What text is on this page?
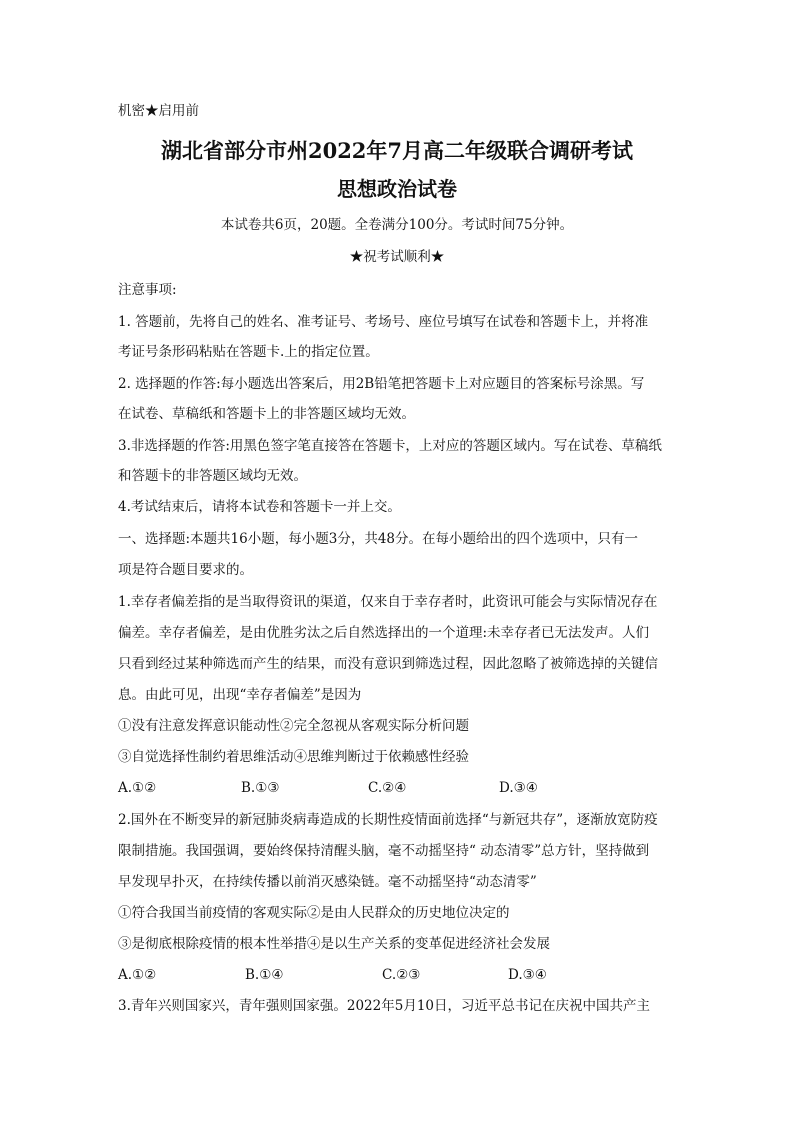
机密★启用前
湖北省部分市州2022年7月高二年级联合调研考试
思想政治试卷
本试卷共6页，20题。全卷满分100分。考试时间75分钟。
★祝考试顺利★
注意事项:
1. 答题前，先将自己的姓名、准考证号、考场号、座位号填写在试卷和答题卡上，并将准
考证号条形码粘贴在答题卡.上的指定位置。
2. 选择题的作答:每小题选出答案后，用2B铅笔把答题卡上对应题目的答案标号涂黑。写
在试卷、草稿纸和答题卡上的非答题区域均无效。
3.非选择题的作答:用黑色签字笔直接答在答题卡，上对应的答题区域内。写在试卷、草稿纸
和答题卡的非答题区域均无效。
4.考试结束后，请将本试卷和答题卡一并上交。
一、选择题:本题共16小题，每小题3分，共48分。在每小题给出的四个选项中，只有一
项是符合题目要求的。
1.幸存者偏差指的是当取得资讯的渠道，仅来自于幸存者时，此资讯可能会与实际情况存在
偏差。幸存者偏差，是由优胜劣汰之后自然选择出的一个道理:未幸存者已无法发声。人们
只看到经过某种筛选而产生的结果，而没有意识到筛选过程，因此忽略了被筛选掉的关键信
息。由此可见，出现“幸存者偏差”是因为
①没有注意发挥意识能动性②完全忽视从客观实际分析问题
③自觉选择性制约着思维活动④思维判断过于依赖感性经验
A.①②	B.①③	C.②④	D.③④
2.国外在不断变异的新冠肺炎病毒造成的长期性疫情面前选择“与新冠共存”，逐渐放宽防疫
限制措施。我国强调，要始终保持清醒头脑，毫不动摇坚持“ 动态清零”总方针，坚持做到
早发现早扑灭，在持续传播以前消灭感染链。毫不动摇坚持“动态清零”
①符合我国当前疫情的客观实际②是由人民群众的历史地位决定的
③是彻底根除疫情的根本性举措④是以生产关系的变革促进经济社会发展
A.①②	B.①④	C.②③	D.③④
3.青年兴则国家兴，青年强则国家强。2022年5月10日，习近平总书记在庆祝中国共产主
